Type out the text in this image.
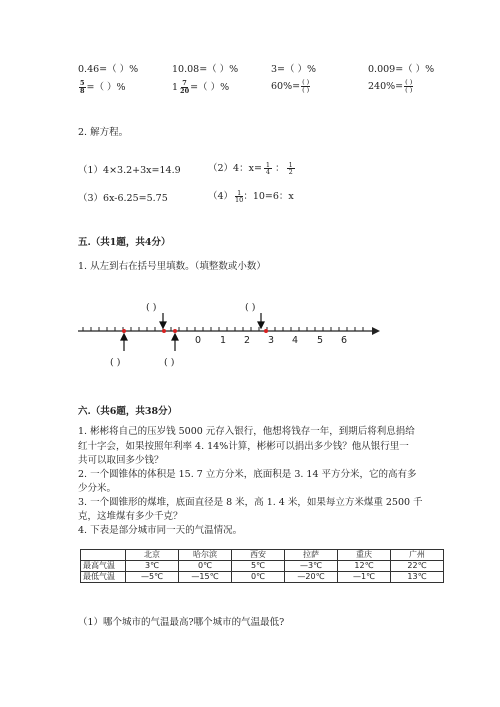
0.46=（ ）%	10.08=（ ）%	3=（ ）%	0.009=（ ）%
$\frac{5}{8}$ =（ ）%	$1 \frac{7}{20}$ =（ ）%	$60\%= \frac{( )}{( )}$	$240\%= \frac{( )}{( )}$
2. 解方程。
（1）4×3.2+3x=14.9	（2）4：$x= \frac{1}{4}$ ： $\frac{1}{2}$
（3）6x-6.25=5.75	$(4) \frac{1}{10}$ ：10=6：x
五.（共1题，共4分）
1. 从左到右在括号里填数。（填整数或小数）
0 1 2 3 4 5 6
( )	( )
( )	( )
六.（共6题，共38分）
1. 彬彬将自己的压岁钱 5000 元存入银行，他想将钱存一年，到期后将利息捐给
红十字会，如果按照年利率 4. 14%计算，彬彬可以捐出多少钱？他从银行里一
共可以取回多少钱？
2. 一个圆锥体的体积是 15. 7 立方分米，底面积是 3. 14 平方分米，它的高有多
少分米。
3. 一个圆锥形的煤堆，底面直径是 8 米，高 1. 4 米，如果每立方米煤重 2500 千
克，这堆煤有多少千克？
4. 下表是部分城市同一天的气温情况。
	北京	哈尔滨	西安	拉萨	重庆	广州
最高气温	3℃	0℃	5℃	—3℃	12℃	22℃
最低气温	—5℃	—15℃	0℃	—20℃	—1℃	13℃
（1）哪个城市的气温最高?哪个城市的气温最低?
